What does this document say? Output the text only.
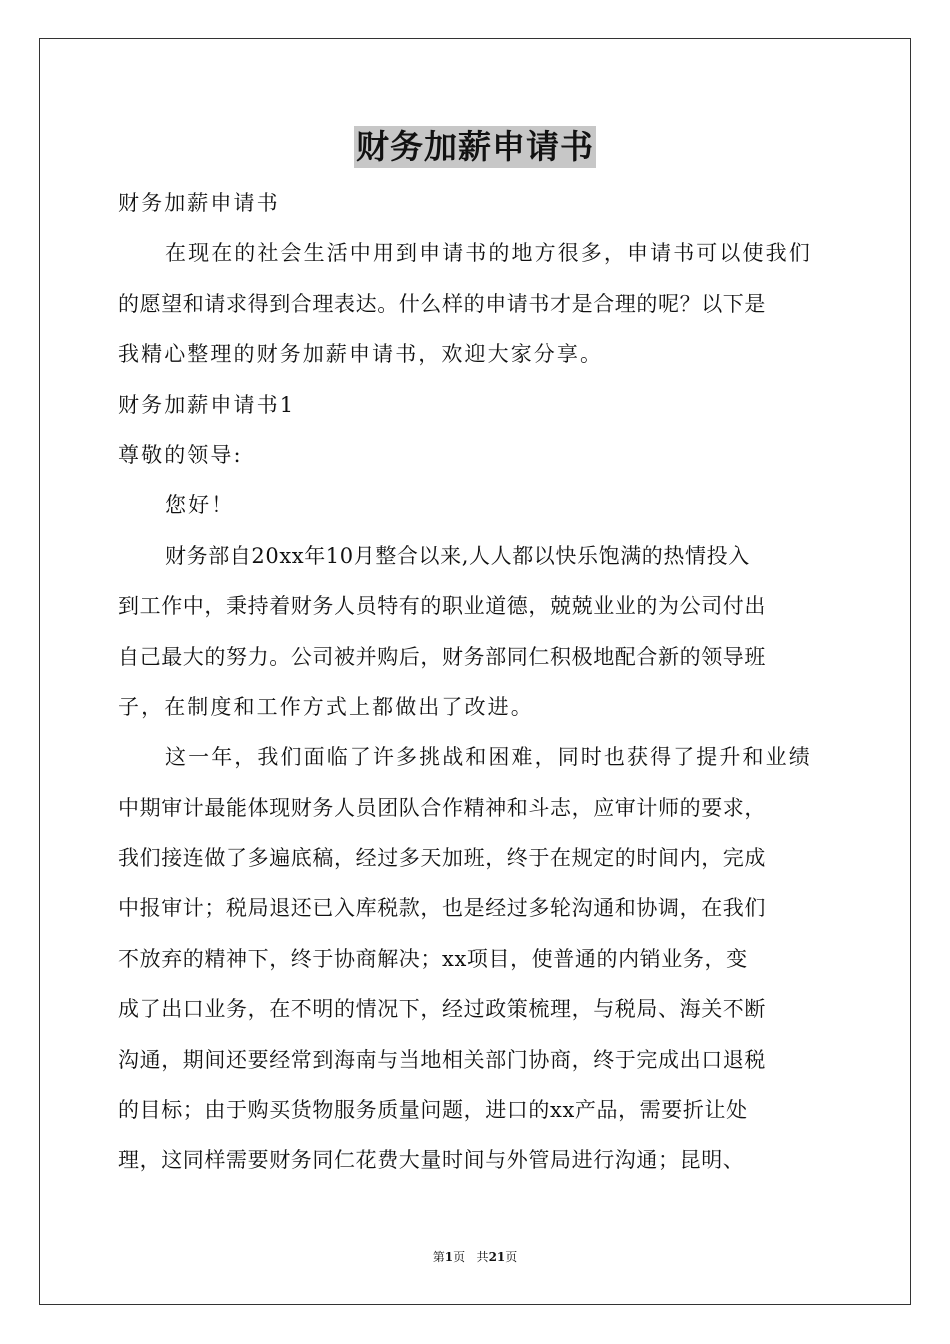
财务加薪申请书
财务加薪申请书
在现在的社会生活中用到申请书的地方很多，申请书可以使我们
的愿望和请求得到合理表达。什么样的申请书才是合理的呢？以下是
我精心整理的财务加薪申请书，欢迎大家分享。
财务加薪申请书1
尊敬的领导:
您好！
财务部自20xx年10月整合以来,人人都以快乐饱满的热情投入
到工作中，秉持着财务人员特有的职业道德，兢兢业业的为公司付出
自己最大的努力。公司被并购后，财务部同仁积极地配合新的领导班
子，在制度和工作方式上都做出了改进。
这一年，我们面临了许多挑战和困难，同时也获得了提升和业绩
中期审计最能体现财务人员团队合作精神和斗志，应审计师的要求，
我们接连做了多遍底稿，经过多天加班，终于在规定的时间内，完成
中报审计；税局退还已入库税款，也是经过多轮沟通和协调，在我们
不放弃的精神下，终于协商解决；xx项目，使普通的内销业务，变
成了出口业务，在不明的情况下，经过政策梳理，与税局、海关不断
沟通，期间还要经常到海南与当地相关部门协商，终于完成出口退税
的目标；由于购买货物服务质量问题，进口的xx产品，需要折让处
理，这同样需要财务同仁花费大量时间与外管局进行沟通；昆明、
第1页 共21页
